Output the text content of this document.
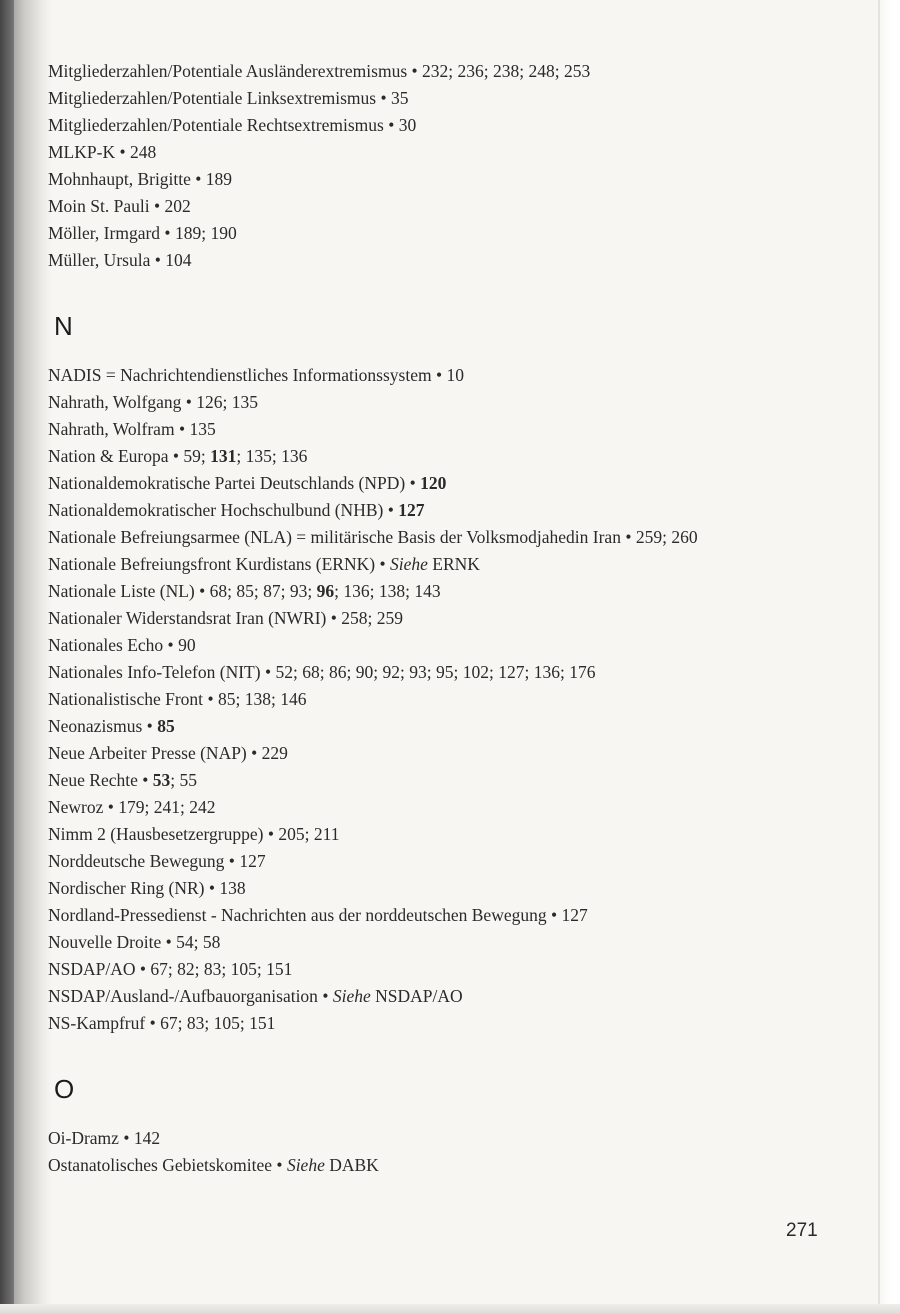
Mitgliederzahlen/Potentiale Ausländerextremismus • 232; 236; 238; 248; 253
Mitgliederzahlen/Potentiale Linksextremismus • 35
Mitgliederzahlen/Potentiale Rechtsextremismus • 30
MLKP-K • 248
Mohnhaupt, Brigitte • 189
Moin St. Pauli • 202
Möller, Irmgard • 189; 190
Müller, Ursula • 104
N
NADIS = Nachrichtendienstliches Informationssystem • 10
Nahrath, Wolfgang • 126; 135
Nahrath, Wolfram • 135
Nation & Europa • 59; 131; 135; 136
Nationaldemokratische Partei Deutschlands (NPD) • 120
Nationaldemokratischer Hochschulbund (NHB) • 127
Nationale Befreiungsarmee (NLA) = militärische Basis der Volksmodjahedin Iran • 259; 260
Nationale Befreiungsfront Kurdistans (ERNK) • Siehe ERNK
Nationale Liste (NL) • 68; 85; 87; 93; 96; 136; 138; 143
Nationaler Widerstandsrat Iran (NWRI) • 258; 259
Nationales Echo • 90
Nationales Info-Telefon (NIT) • 52; 68; 86; 90; 92; 93; 95; 102; 127; 136; 176
Nationalistische Front • 85; 138; 146
Neonazismus • 85
Neue Arbeiter Presse (NAP) • 229
Neue Rechte • 53; 55
Newroz • 179; 241; 242
Nimm 2 (Hausbesetzergruppe) • 205; 211
Norddeutsche Bewegung • 127
Nordischer Ring (NR) • 138
Nordland-Pressedienst - Nachrichten aus der norddeutschen Bewegung • 127
Nouvelle Droite • 54; 58
NSDAP/AO • 67; 82; 83; 105; 151
NSDAP/Ausland-/Aufbauorganisation • Siehe NSDAP/AO
NS-Kampfruf • 67; 83; 105; 151
O
Oi-Dramz • 142
Ostanatolisches Gebietskomitee • Siehe DABK
271
